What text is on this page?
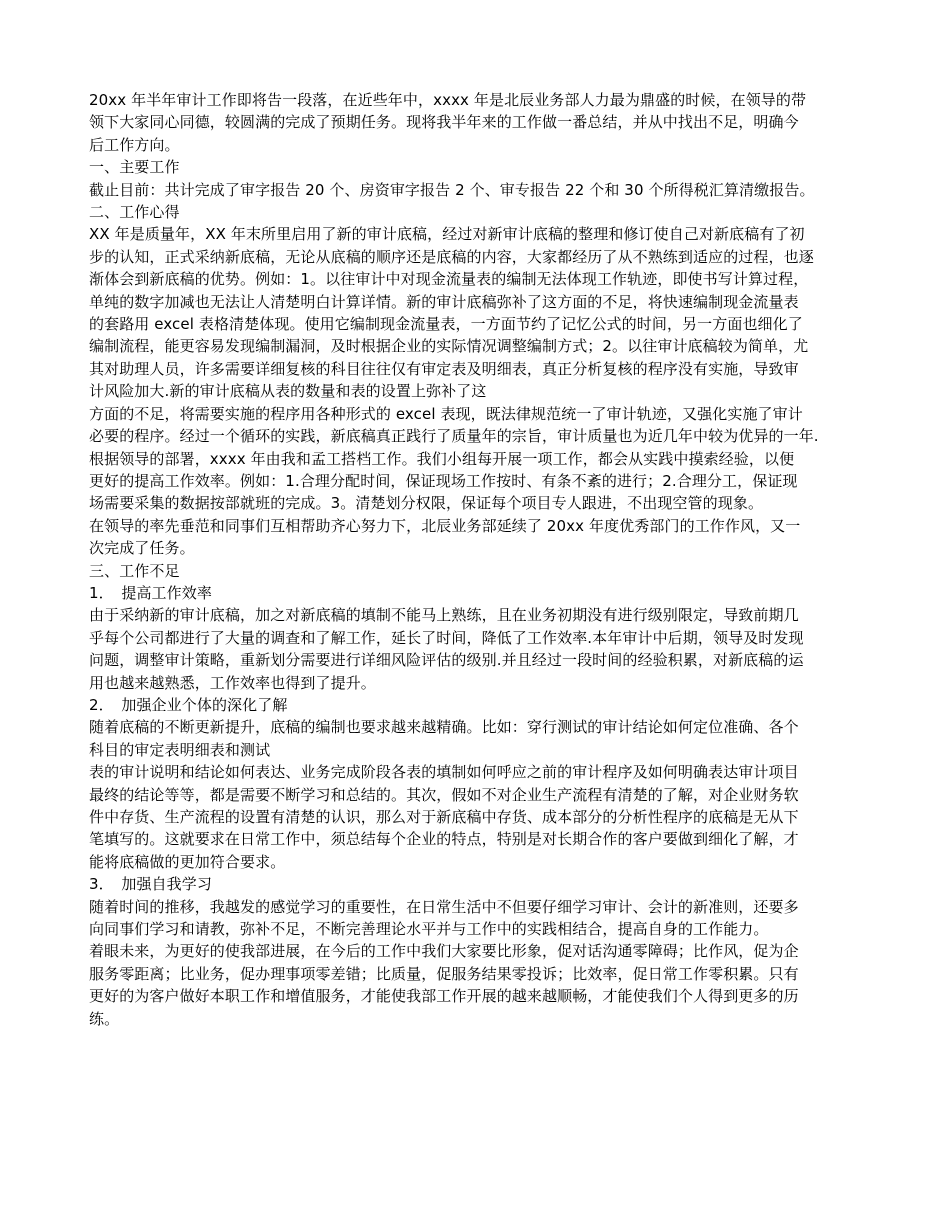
20xx 年半年审计工作即将告一段落，在近些年中，xxxx 年是北辰业务部人力最为鼎盛的时候，在领导的带

领下大家同心同德，较圆满的完成了预期任务。现将我半年来的工作做一番总结，并从中找出不足，明确今

后工作方向。

一、主要工作

截止目前：共计完成了审字报告 20 个、房资审字报告 2 个、审专报告 22 个和 30 个所得税汇算清缴报告。

二、工作心得

XX 年是质量年，XX 年末所里启用了新的审计底稿，经过对新审计底稿的整理和修订使自己对新底稿有了初

步的认知，正式采纳新底稿，无论从底稿的顺序还是底稿的内容，大家都经历了从不熟练到适应的过程，也逐

渐体会到新底稿的优势。例如：1。以往审计中对现金流量表的编制无法体现工作轨迹，即使书写计算过程，

单纯的数字加减也无法让人清楚明白计算详情。新的审计底稿弥补了这方面的不足，将快速编制现金流量表

的套路用 excel 表格清楚体现。使用它编制现金流量表，一方面节约了记忆公式的时间，另一方面也细化了

编制流程，能更容易发现编制漏洞，及时根据企业的实际情况调整编制方式；2。以往审计底稿较为简单，尤

其对助理人员，许多需要详细复核的科目往往仅有审定表及明细表，真正分析复核的程序没有实施，导致审

计风险加大.新的审计底稿从表的数量和表的设置上弥补了这

方面的不足，将需要实施的程序用各种形式的 excel 表现，既法律规范统一了审计轨迹，又强化实施了审计

必要的程序。经过一个循环的实践，新底稿真正践行了质量年的宗旨，审计质量也为近几年中较为优异的一年.

根据领导的部署，xxxx 年由我和孟工搭档工作。我们小组每开展一项工作，都会从实践中摸索经验，以便

更好的提高工作效率。例如：1.合理分配时间，保证现场工作按时、有条不紊的进行；2.合理分工，保证现

场需要采集的数据按部就班的完成。3。清楚划分权限，保证每个项目专人跟进，不出现空管的现象。

在领导的率先垂范和同事们互相帮助齐心努力下，北辰业务部延续了 20xx 年度优秀部门的工作作风，又一

次完成了任务。

三、工作不足

1．　提高工作效率

由于采纳新的审计底稿，加之对新底稿的填制不能马上熟练，且在业务初期没有进行级别限定，导致前期几

乎每个公司都进行了大量的调查和了解工作，延长了时间，降低了工作效率.本年审计中后期，领导及时发现

问题，调整审计策略，重新划分需要进行详细风险评估的级别.并且经过一段时间的经验积累，对新底稿的运

用也越来越熟悉，工作效率也得到了提升。

2．　加强企业个体的深化了解

随着底稿的不断更新提升，底稿的编制也要求越来越精确。比如：穿行测试的审计结论如何定位准确、各个

科目的审定表明细表和测试

表的审计说明和结论如何表达、业务完成阶段各表的填制如何呼应之前的审计程序及如何明确表达审计项目

最终的结论等等，都是需要不断学习和总结的。其次，假如不对企业生产流程有清楚的了解，对企业财务软

件中存货、生产流程的设置有清楚的认识，那么对于新底稿中存货、成本部分的分析性程序的底稿是无从下

笔填写的。这就要求在日常工作中，须总结每个企业的特点，特别是对长期合作的客户要做到细化了解，才

能将底稿做的更加符合要求。

3．　加强自我学习

随着时间的推移，我越发的感觉学习的重要性，在日常生活中不但要仔细学习审计、会计的新准则，还要多

向同事们学习和请教，弥补不足，不断完善理论水平并与工作中的实践相结合，提高自身的工作能力。

着眼未来，为更好的使我部进展，在今后的工作中我们大家要比形象，促对话沟通零障碍；比作风，促为企

服务零距离；比业务，促办理事项零差错；比质量，促服务结果零投诉；比效率，促日常工作零积累。只有

更好的为客户做好本职工作和增值服务，才能使我部工作开展的越来越顺畅，才能使我们个人得到更多的历

练。
